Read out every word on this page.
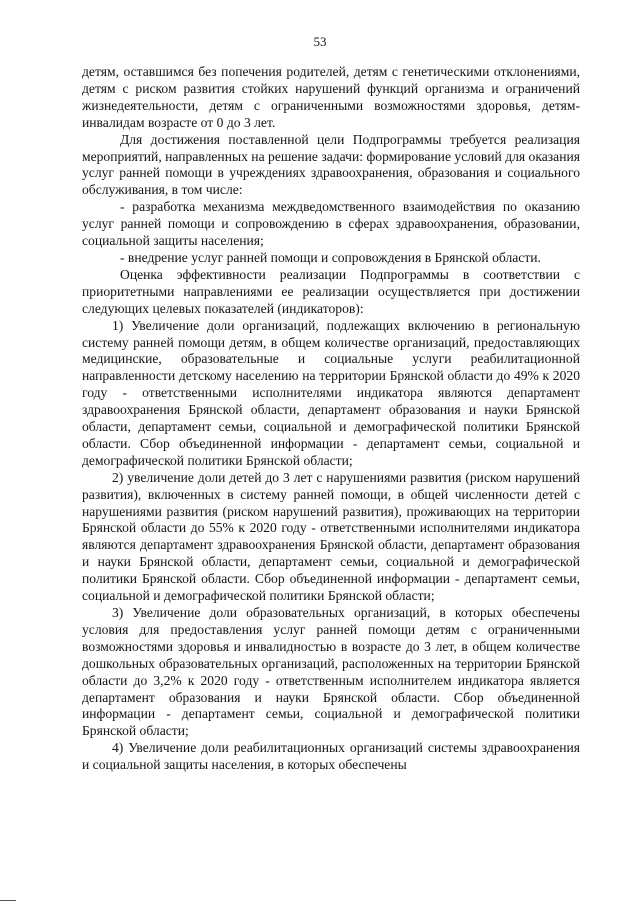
53

детям, оставшимся без попечения родителей, детям с генетическими отклонениями, детям с риском развития стойких нарушений функций организма и ограничений жизнедеятельности, детям с ограниченными возможностями здоровья, детям-инвалидам возрасте от 0 до 3 лет.

Для достижения поставленной цели Подпрограммы требуется реализация мероприятий, направленных на решение задачи: формирование условий для оказания услуг ранней помощи в учреждениях здравоохранения, образования и социального обслуживания, в том числе:

- разработка механизма междведомственного взаимодействия по оказанию услуг ранней помощи и сопровождению в сферах здравоохранения, образовании, социальной защиты населения;

- внедрение услуг ранней помощи и сопровождения в Брянской области.

Оценка эффективности реализации Подпрограммы в соответствии с приоритетными направлениями ее реализации осуществляется при достижении следующих целевых показателей (индикаторов):

1) Увеличение доли организаций, подлежащих включению в региональную систему ранней помощи детям, в общем количестве организаций, предоставляющих медицинские, образовательные и социальные услуги реабилитационной направленности детскому населению на территории Брянской области до 49% к 2020 году - ответственными исполнителями индикатора являются департамент здравоохранения Брянской области, департамент образования и науки Брянской области, департамент семьи, социальной и демографической политики Брянской области. Сбор объединенной информации - департамент семьи, социальной и демографической политики Брянской области;

2) увеличение доли детей до 3 лет с нарушениями развития (риском нарушений развития), включенных в систему ранней помощи, в общей численности детей с нарушениями развития (риском нарушений развития), проживающих на территории Брянской области до 55% к 2020 году - ответственными исполнителями индикатора являются департамент здравоохранения Брянской области, департамент образования и науки Брянской области, департамент семьи, социальной и демографической политики Брянской области. Сбор объединенной информации - департамент семьи, социальной и демографической политики Брянской области;

3) Увеличение доли образовательных организаций, в которых обеспечены условия для предоставления услуг ранней помощи детям с ограниченными возможностями здоровья и инвалидностью в возрасте до 3 лет, в общем количестве дошкольных образовательных организаций, расположенных на территории Брянской области до 3,2% к 2020 году - ответственным исполнителем индикатора является департамент образования и науки Брянской области. Сбор объединенной информации - департамент семьи, социальной и демографической политики Брянской области;

4) Увеличение доли реабилитационных организаций системы здравоохранения и социальной защиты населения, в которых обеспечены
